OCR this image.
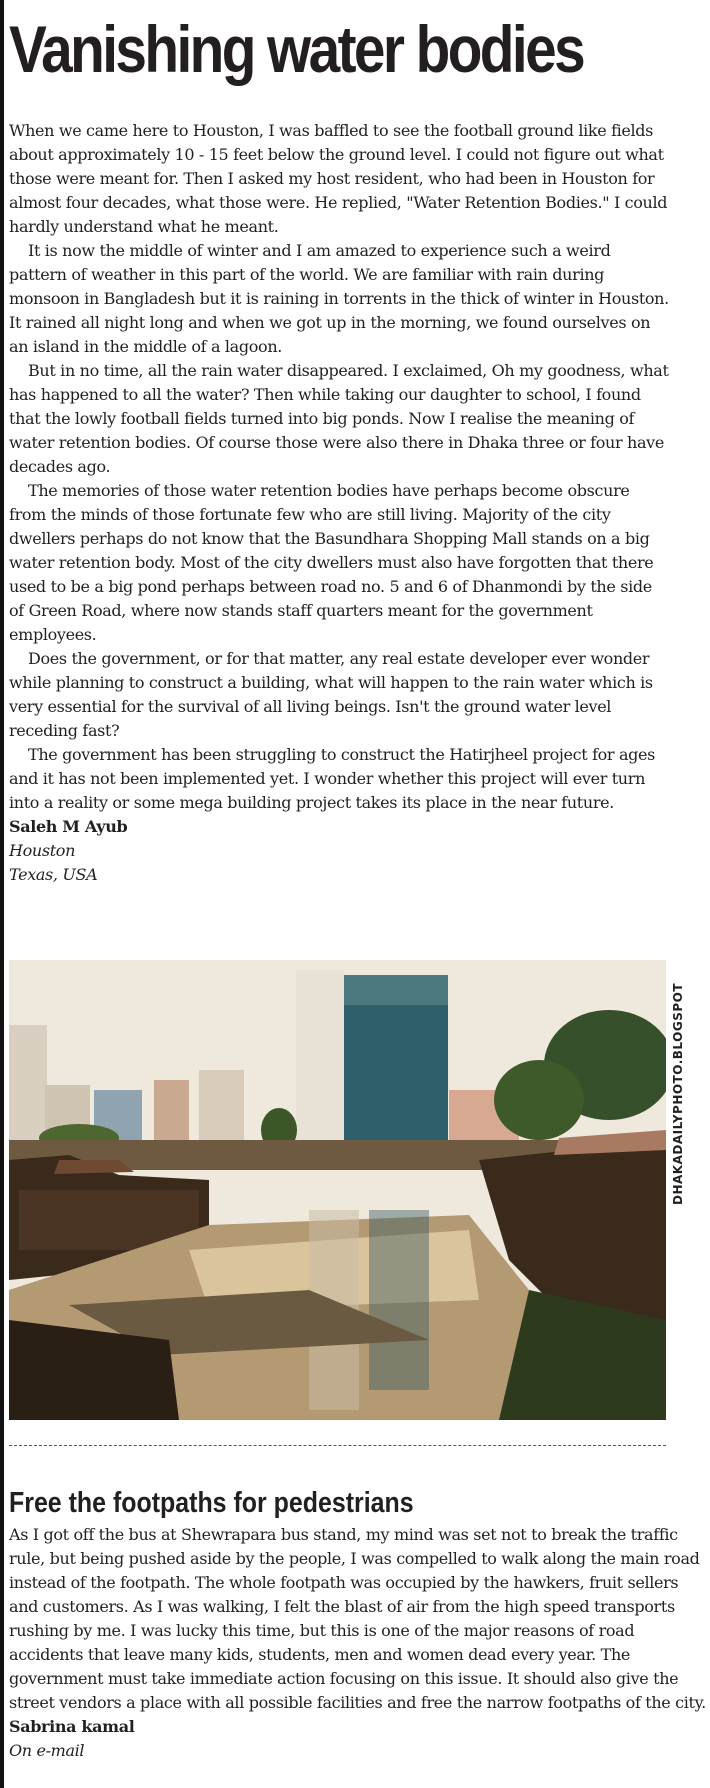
Vanishing water bodies

When we came here to Houston, I was baffled to see the football ground like fields about approximately 10 - 15 feet below the ground level. I could not figure out what those were meant for. Then I asked my host resident, who had been in Houston for almost four decades, what those were. He replied, "Water Retention Bodies." I could hardly understand what he meant.

It is now the middle of winter and I am amazed to experience such a weird pattern of weather in this part of the world. We are familiar with rain during monsoon in Bangladesh but it is raining in torrents in the thick of winter in Houston. It rained all night long and when we got up in the morning, we found ourselves on an island in the middle of a lagoon.

But in no time, all the rain water disappeared. I exclaimed, Oh my goodness, what has happened to all the water? Then while taking our daughter to school, I found that the lowly football fields turned into big ponds. Now I realise the meaning of water retention bodies. Of course those were also there in Dhaka three or four have decades ago.

The memories of those water retention bodies have perhaps become obscure from the minds of those fortunate few who are still living. Majority of the city dwellers perhaps do not know that the Basundhara Shopping Mall stands on a big water retention body. Most of the city dwellers must also have forgotten that there used to be a big pond perhaps between road no. 5 and 6 of Dhanmondi by the side of Green Road, where now stands staff quarters meant for the government employees.

Does the government, or for that matter, any real estate developer ever wonder while planning to construct a building, what will happen to the rain water which is very essential for the survival of all living beings. Isn't the ground water level receding fast?

The government has been struggling to construct the Hatirjheel project for ages and it has not been implemented yet. I wonder whether this project will ever turn into a reality or some mega building project takes its place in the near future.

Saleh M Ayub
Houston
Texas, USA
DHAKADAILYPHOTO.BLOGSPOT
Free the footpaths for pedestrians

As I got off the bus at Shewrapara bus stand, my mind was set not to break the traffic rule, but being pushed aside by the people, I was compelled to walk along the main road instead of the footpath. The whole footpath was occupied by the hawkers, fruit sellers and customers. As I was walking, I felt the blast of air from the high speed transports rushing by me. I was lucky this time, but this is one of the major reasons of road accidents that leave many kids, students, men and women dead every year. The government must take immediate action focusing on this issue. It should also give the street vendors a place with all possible facilities and free the narrow footpaths of the city.

Sabrina kamal
On e-mail
